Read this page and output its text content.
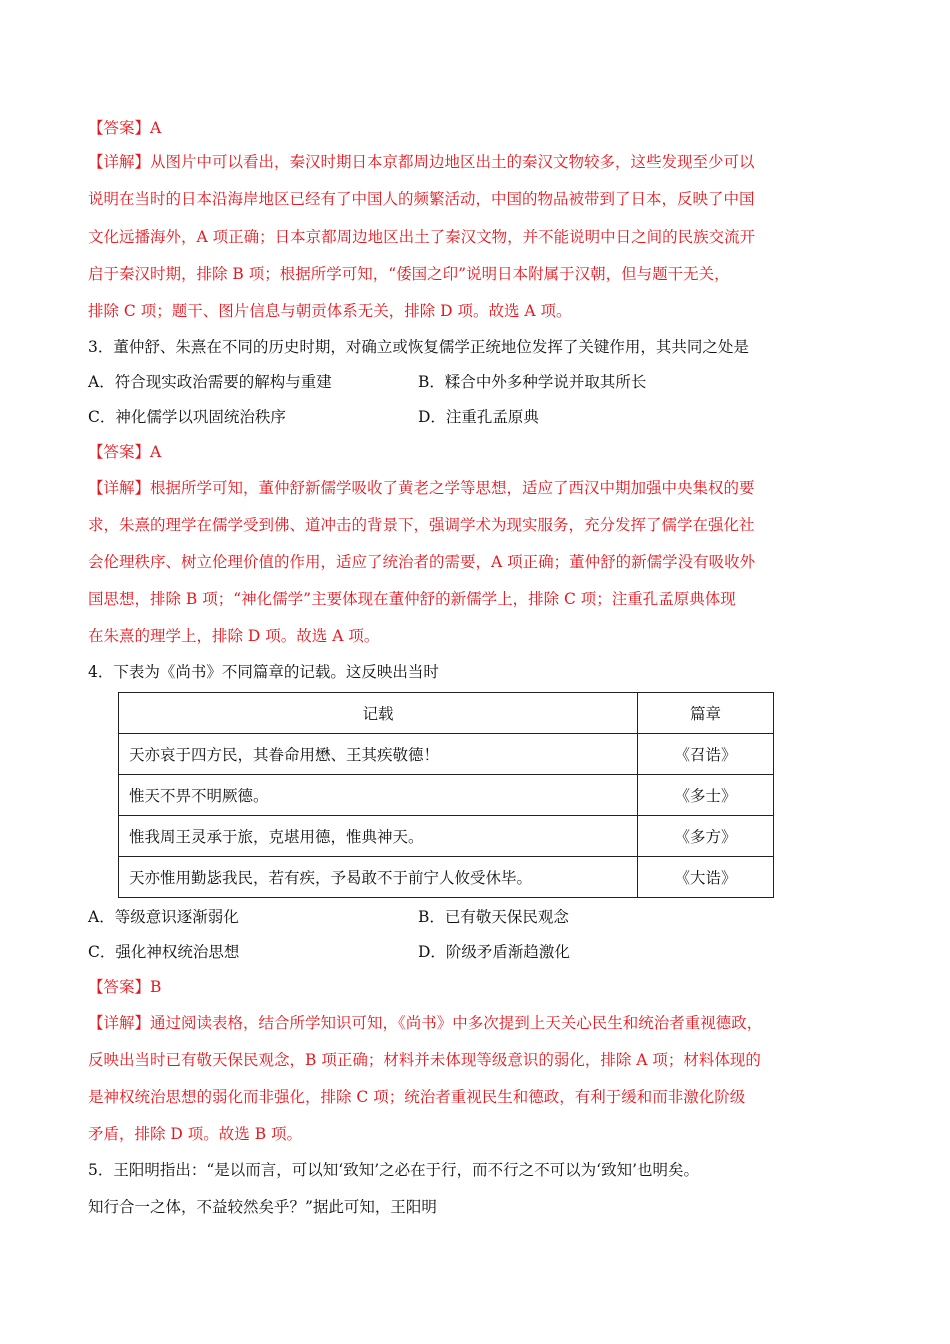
【答案】A
【详解】从图片中可以看出，秦汉时期日本京都周边地区出土的秦汉文物较多，这些发现至少可以
说明在当时的日本沿海岸地区已经有了中国人的频繁活动，中国的物品被带到了日本，反映了中国
文化远播海外，A 项正确；日本京都周边地区出土了秦汉文物，并不能说明中日之间的民族交流开
启于秦汉时期，排除 B 项；根据所学可知，“倭国之印”说明日本附属于汉朝，但与题干无关，
排除 C 项；题干、图片信息与朝贡体系无关，排除 D 项。故选 A 项。
3．董仲舒、朱熹在不同的历史时期，对确立或恢复儒学正统地位发挥了关键作用，其共同之处是
A．符合现实政治需要的解构与重建	B．糅合中外多种学说并取其所长
C．神化儒学以巩固统治秩序	D．注重孔孟原典
【答案】A
【详解】根据所学可知，董仲舒新儒学吸收了黄老之学等思想，适应了西汉中期加强中央集权的要
求，朱熹的理学在儒学受到佛、道冲击的背景下，强调学术为现实服务，充分发挥了儒学在强化社
会伦理秩序、树立伦理价值的作用，适应了统治者的需要，A 项正确；董仲舒的新儒学没有吸收外
国思想，排除 B 项；“神化儒学”主要体现在董仲舒的新儒学上，排除 C 项；注重孔孟原典体现
在朱熹的理学上，排除 D 项。故选 A 项。
4．下表为《尚书》不同篇章的记载。这反映出当时
记载	篇章
天亦哀于四方民，其眷命用懋、王其疾敬德！	《召诰》
惟天不畀不明厥德。	《多士》
惟我周王灵承于旅，克堪用德，惟典神天。	《多方》
天亦惟用勤毖我民，若有疾，予曷敢不于前宁人攸受休毕。	《大诰》
A．等级意识逐渐弱化	B．已有敬天保民观念
C．强化神权统治思想	D．阶级矛盾渐趋激化
【答案】B
【详解】通过阅读表格，结合所学知识可知，《尚书》中多次提到上天关心民生和统治者重视德政，
反映出当时已有敬天保民观念，B 项正确；材料并未体现等级意识的弱化，排除 A 项；材料体现的
是神权统治思想的弱化而非强化，排除 C 项；统治者重视民生和德政，有利于缓和而非激化阶级
矛盾，排除 D 项。故选 B 项。
5．王阳明指出：“是以而言，可以知‘致知’之必在于行，而不行之不可以为‘致知’也明矣。
知行合一之体，不益较然矣乎？”据此可知，王阳明
